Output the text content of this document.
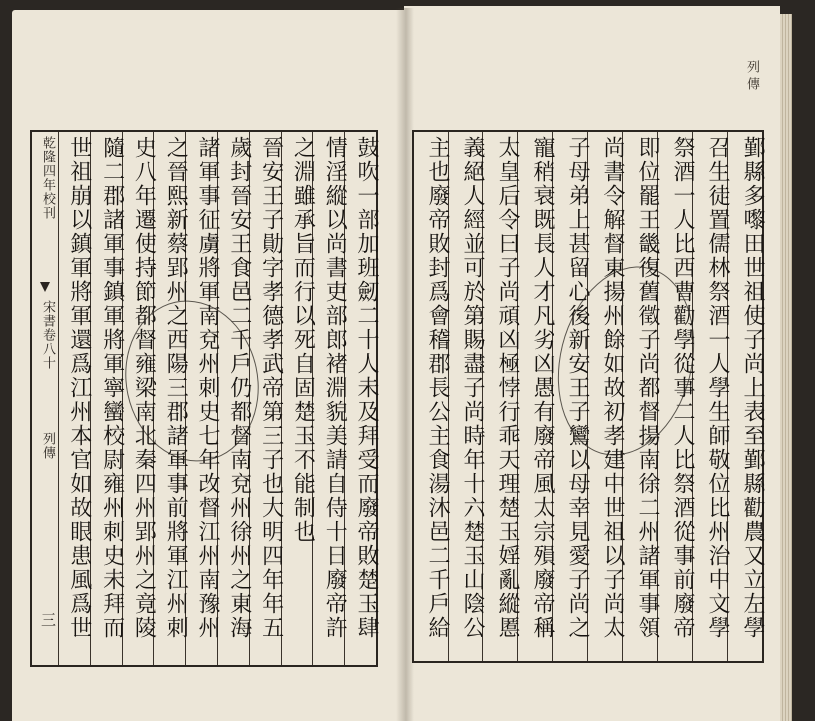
乾隆四年校刊
宋書卷八十
列傳
三	鼓吹一部加班劒二十人未及拜受而廢帝敗楚玉肆
情淫縱以尚書吏部郎褚淵貌美請自侍十日廢帝許
之淵雖承旨而行以死自固楚玉不能制也
晉安王子勛字孝德孝武帝第三子也大明四年年五
歲封晉安王食邑二千戶仍都督南兗州徐州之東海
諸軍事征虜將軍南兗州刺史七年改督江州南豫州
之晉熙新蔡郢州之西陽三郡諸軍事前將軍江州刺
史八年遷使持節都督雍梁南北秦四州郢州之竟陵
隨二郡諸軍事鎮軍將軍寧蠻校尉雍州刺史未拜而
世祖崩以鎮軍將軍還爲江州本官如故眼患風爲世	鄞縣多嚟田世祖使子尚上表至鄞縣勸農又立左學
召生徒置儒林祭酒一人學生師敬位比州治中文學
祭酒一人比西曹勸學從事二人比祭酒從事前廢帝
即位罷王畿復舊徵子尚都督揚南徐二州諸軍事領
尚書令解督東揚州餘如故初孝建中世祖以子尚太
子母弟上甚留心後新安王子鸞以母幸見愛子尚之
寵稍衰既長人才凡劣凶愚有廢帝風太宗殞廢帝稱
太皇后令曰子尚頑凶極悖行乖天理楚玉婬亂縱慝
義絕人經並可於第賜盡子尚時年十六楚玉山陰公
主也廢帝敗封爲會稽郡長公主食湯沐邑二千戶給
列傳
